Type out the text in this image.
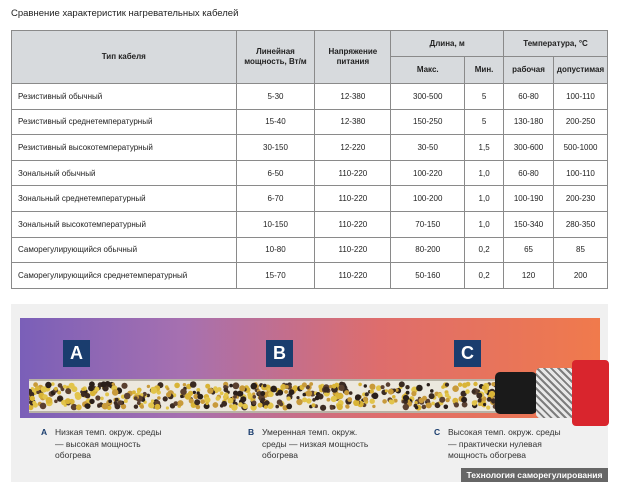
Сравнение характеристик нагревательных кабелей
Тип кабеля	Линейная мощность, Вт/м	Напряжение питания	Длина, м		Температура, °C	
			Макс.	Мин.	рабочая	допустимая
Резистивный обычный	5-30	12-380	300-500	5	60-80	100-110
Резистивный среднетемпературный	15-40	12-380	150-250	5	130-180	200-250
Резистивный высокотемпературный	30-150	12-220	30-50	1,5	300-600	500-1000
Зональный обычный	6-50	110-220	100-220	1,0	60-80	100-110
Зональный среднетемпературный	6-70	110-220	100-200	1,0	100-190	200-230
Зональный высокотемпературный	10-150	110-220	70-150	1,0	150-340	280-350
Саморегулирующийся обычный	10-80	110-220	80-200	0,2	65	85
Саморегулирующийся среднетемпературный	15-70	110-220	50-160	0,2	120	200
A	B	C
A Низкая темп. окруж. среды
— высокая мощность
обогрева
B Умеренная темп. окруж.
среды — низкая мощность
обогрева
C Высокая темп. окруж. среды
— практически нулевая
мощность обогрева
Технология саморегулирования
